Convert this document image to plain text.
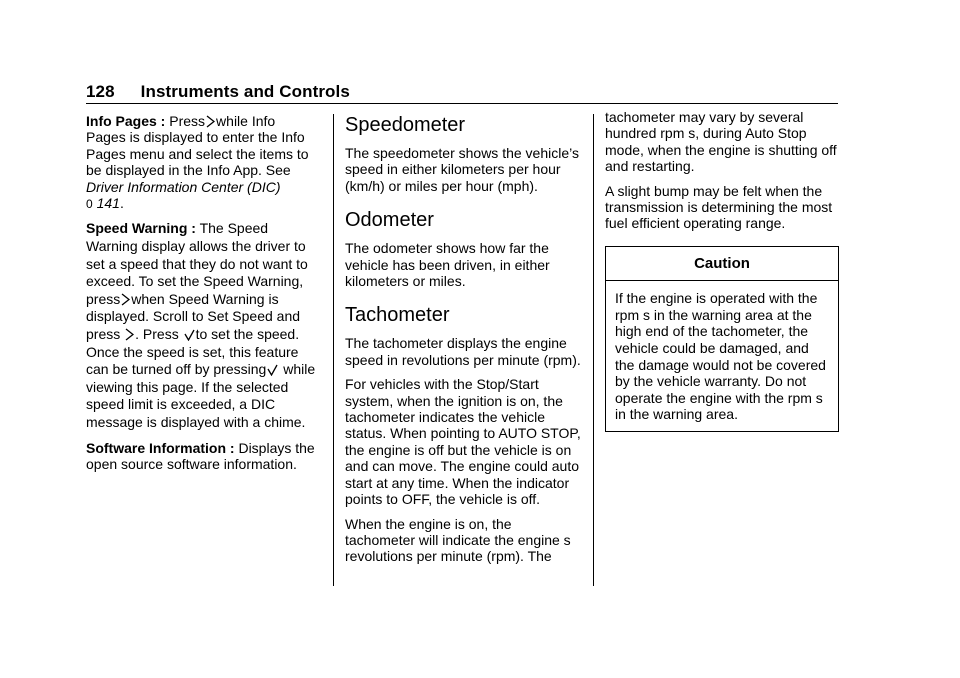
128 Instruments and Controls

Info Pages : Press while Info Pages is displayed to enter the Info Pages menu and select the items to be displayed in the Info App. See Driver Information Center (DIC)
0 141.

Speed Warning : The Speed Warning display allows the driver to set a speed that they do not want to exceed. To set the Speed Warning, press when Speed Warning is displayed. Scroll to Set Speed and press . Press to set the speed. Once the speed is set, this feature can be turned off by pressing while viewing this page. If the selected speed limit is exceeded, a DIC message is displayed with a chime.

Software Information : Displays the open source software information.

Speedometer

The speedometer shows the vehicle’s speed in either kilometers per hour (km/h) or miles per hour (mph).

Odometer

The odometer shows how far the vehicle has been driven, in either kilometers or miles.

Tachometer

The tachometer displays the engine speed in revolutions per minute (rpm).

For vehicles with the Stop/Start system, when the ignition is on, the tachometer indicates the vehicle status. When pointing to AUTO STOP, the engine is off but the vehicle is on and can move. The engine could auto start at any time. When the indicator points to OFF, the vehicle is off.

When the engine is on, the tachometer will indicate the engine s revolutions per minute (rpm). The

tachometer may vary by several hundred rpm s, during Auto Stop mode, when the engine is shutting off and restarting.

A slight bump may be felt when the transmission is determining the most fuel efficient operating range.

Caution
If the engine is operated with the rpm s in the warning area at the high end of the tachometer, the vehicle could be damaged, and the damage would not be covered by the vehicle warranty. Do not operate the engine with the rpm s in the warning area.
